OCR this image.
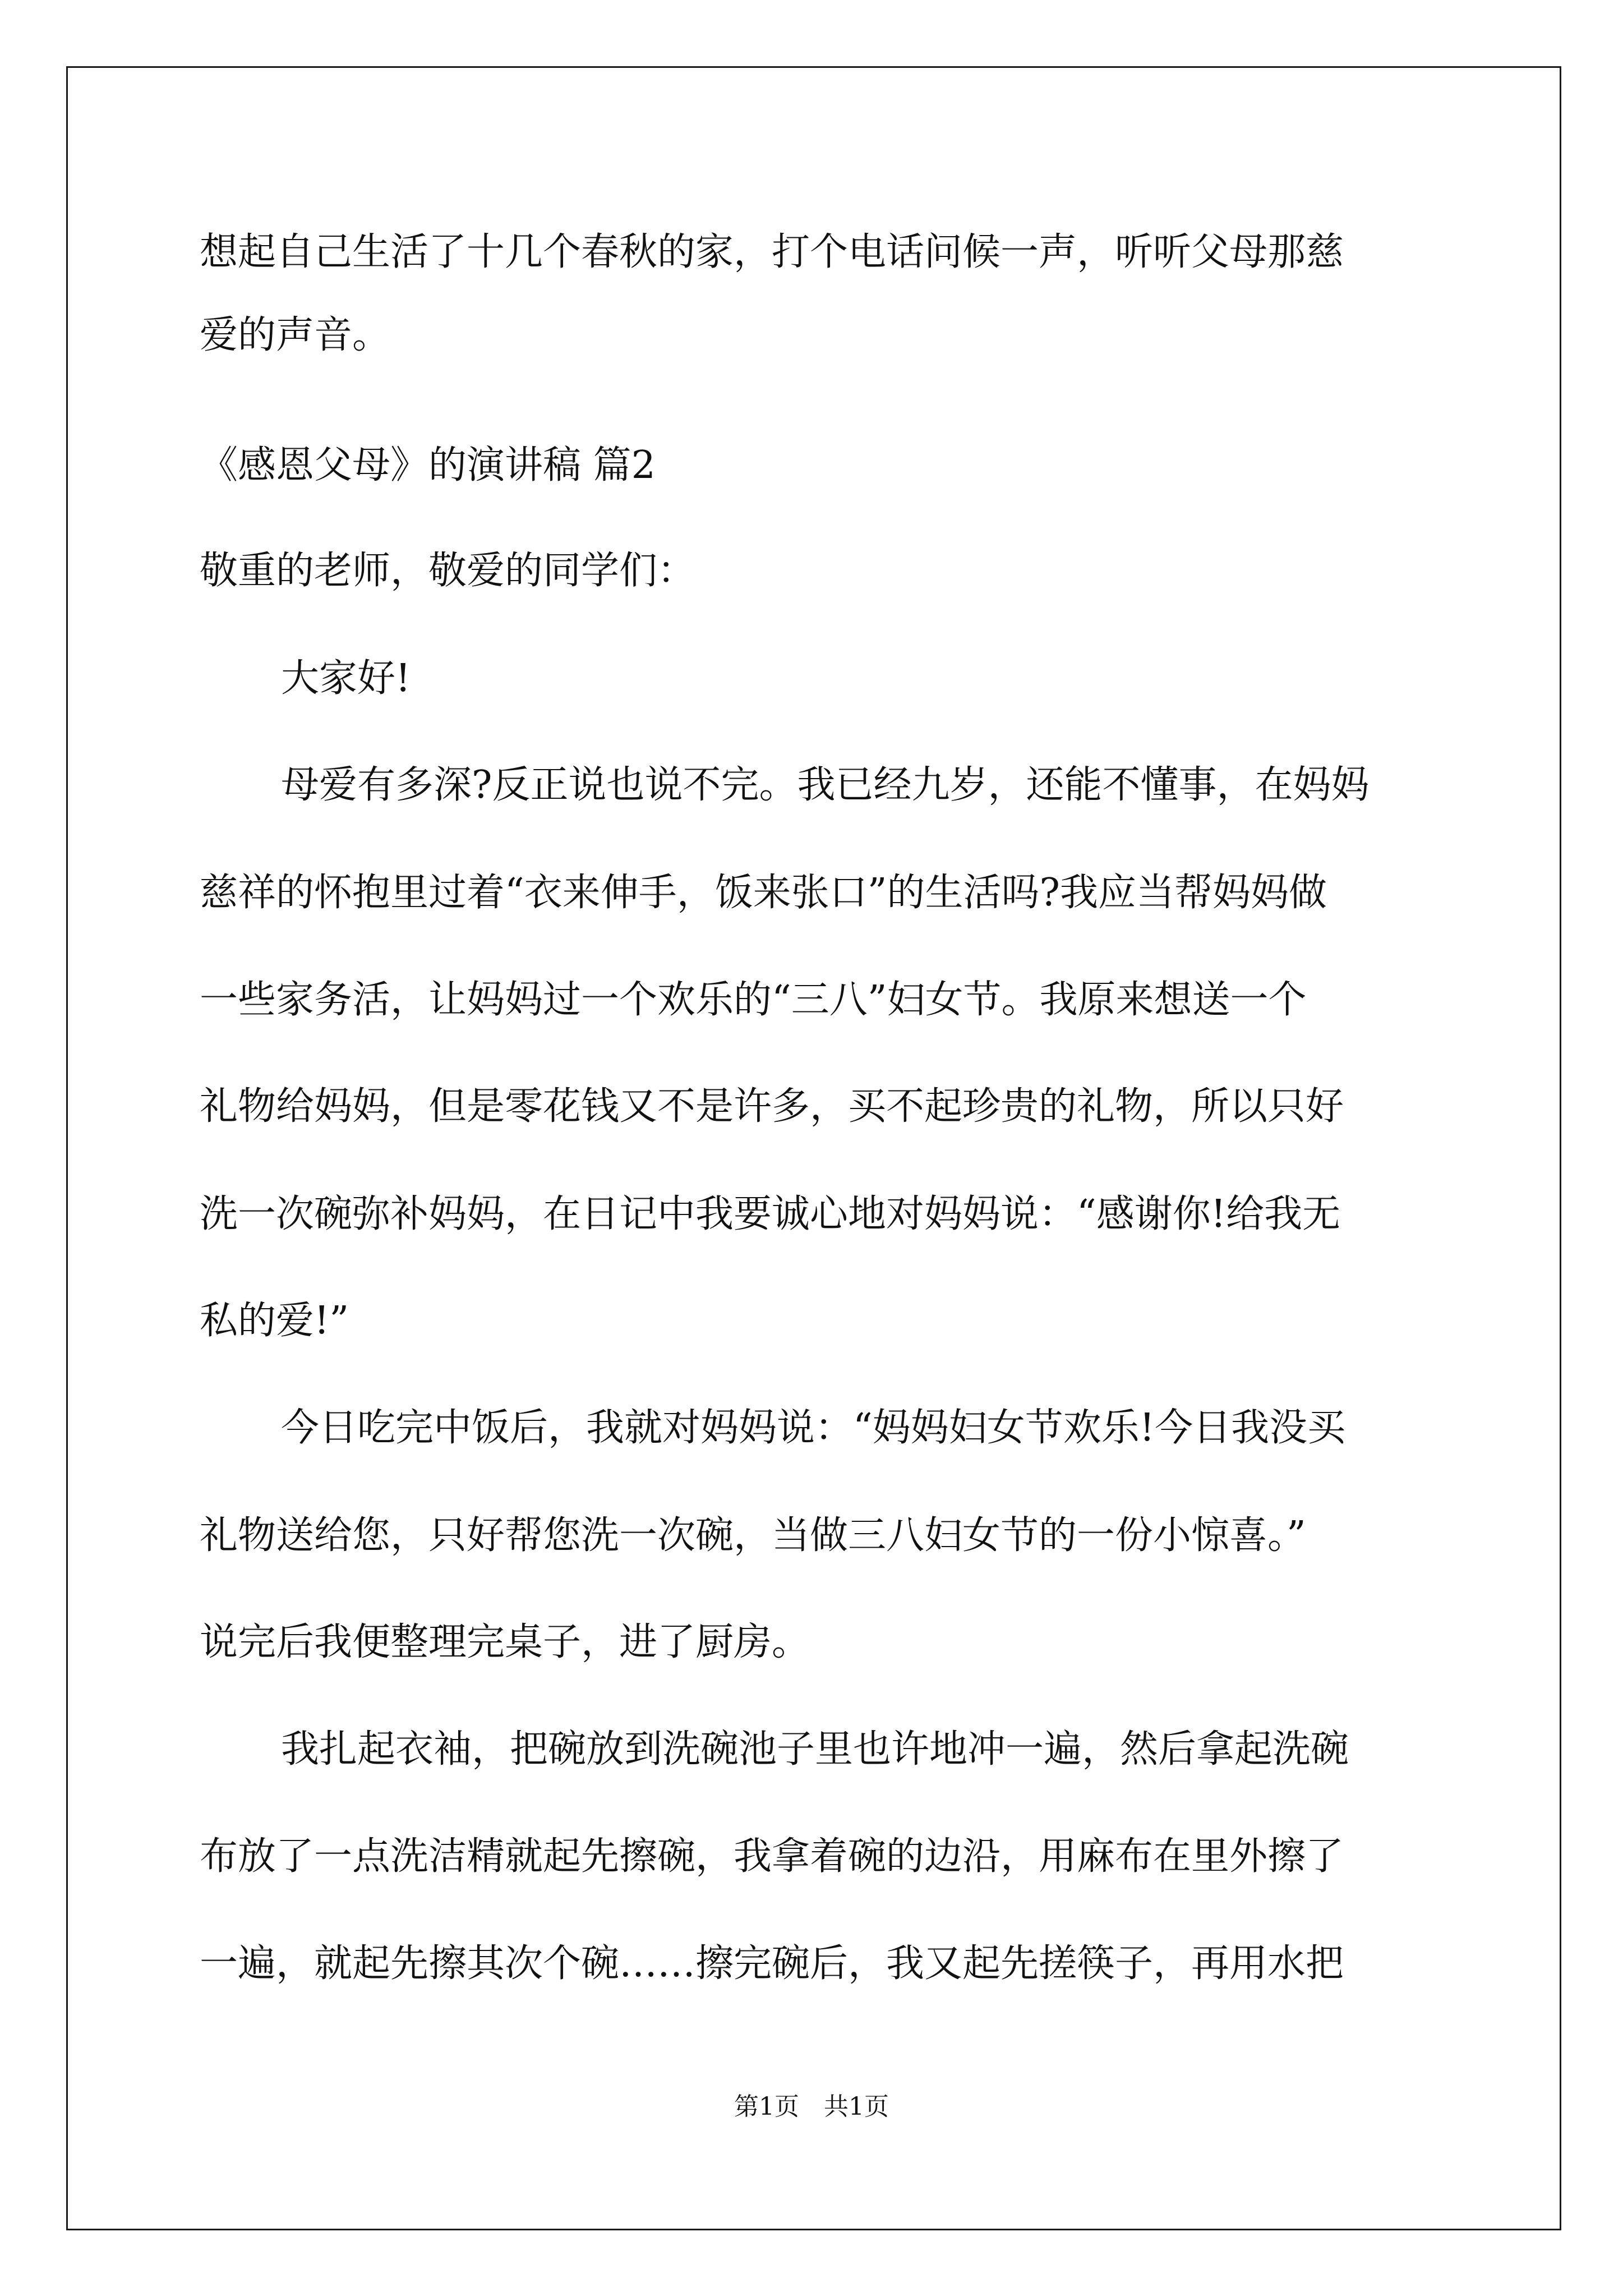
想起自己生活了十几个春秋的家，打个电话问候一声，听听父母那慈
爱的声音。
《感恩父母》的演讲稿 篇2
敬重的老师，敬爱的同学们：
大家好!
母爱有多深?反正说也说不完。我已经九岁，还能不懂事，在妈妈
慈祥的怀抱里过着“衣来伸手，饭来张口”的生活吗?我应当帮妈妈做
一些家务活，让妈妈过一个欢乐的“三八”妇女节。我原来想送一个
礼物给妈妈，但是零花钱又不是许多，买不起珍贵的礼物，所以只好
洗一次碗弥补妈妈，在日记中我要诚心地对妈妈说：“感谢你!给我无
私的爱!”
今日吃完中饭后，我就对妈妈说：“妈妈妇女节欢乐!今日我没买
礼物送给您，只好帮您洗一次碗，当做三八妇女节的一份小惊喜。”
说完后我便整理完桌子，进了厨房。
我扎起衣袖，把碗放到洗碗池子里也许地冲一遍，然后拿起洗碗
布放了一点洗洁精就起先擦碗，我拿着碗的边沿，用麻布在里外擦了
一遍，就起先擦其次个碗……擦完碗后，我又起先搓筷子，再用水把
第1页　共1页
